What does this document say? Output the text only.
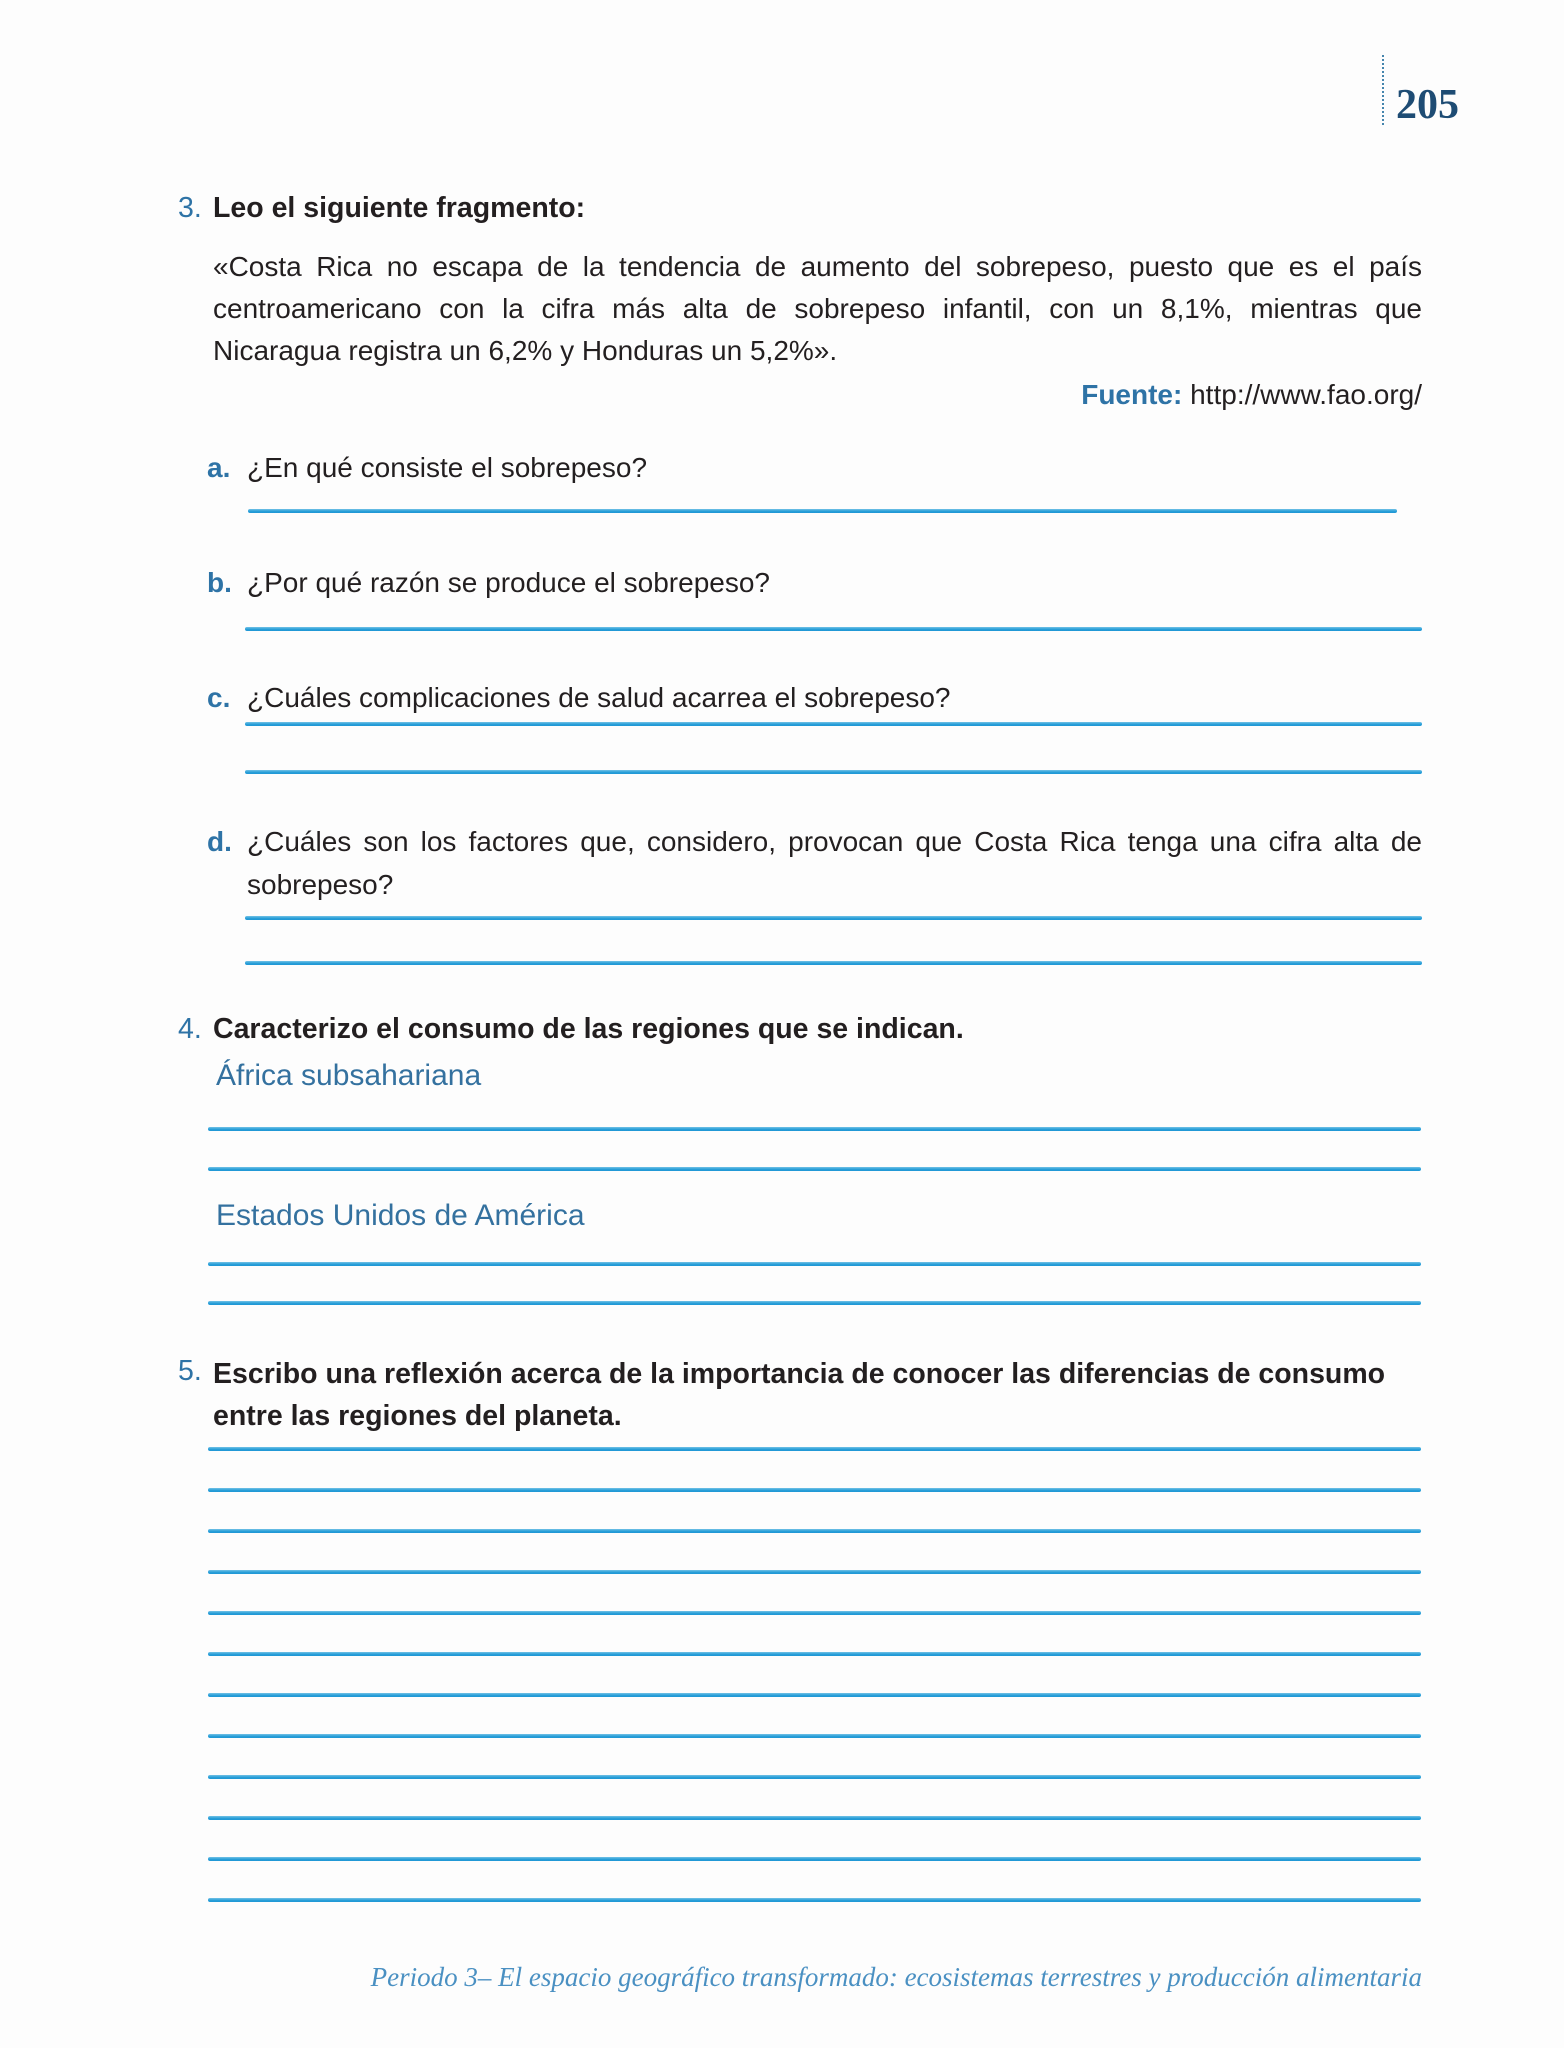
205
3. Leo el siguiente fragmento:

«Costa Rica no escapa de la tendencia de aumento del sobrepeso, puesto que es el país centroamericano con la cifra más alta de sobrepeso infantil, con un 8,1%, mientras que Nicaragua registra un 6,2% y Honduras un 5,2%».

Fuente: http://www.fao.org/

a. ¿En qué consiste el sobrepeso?
b. ¿Por qué razón se produce el sobrepeso?
c. ¿Cuáles complicaciones de salud acarrea el sobrepeso?
d. ¿Cuáles son los factores que, considero, provocan que Costa Rica tenga una cifra alta de sobrepeso?
4. Caracterizo el consumo de las regiones que se indican.
África subsahariana
Estados Unidos de América
5. Escribo una reflexión acerca de la importancia de conocer las diferencias de consumo entre las regiones del planeta.
Periodo 3– El espacio geográfico transformado: ecosistemas terrestres y producción alimentaria
